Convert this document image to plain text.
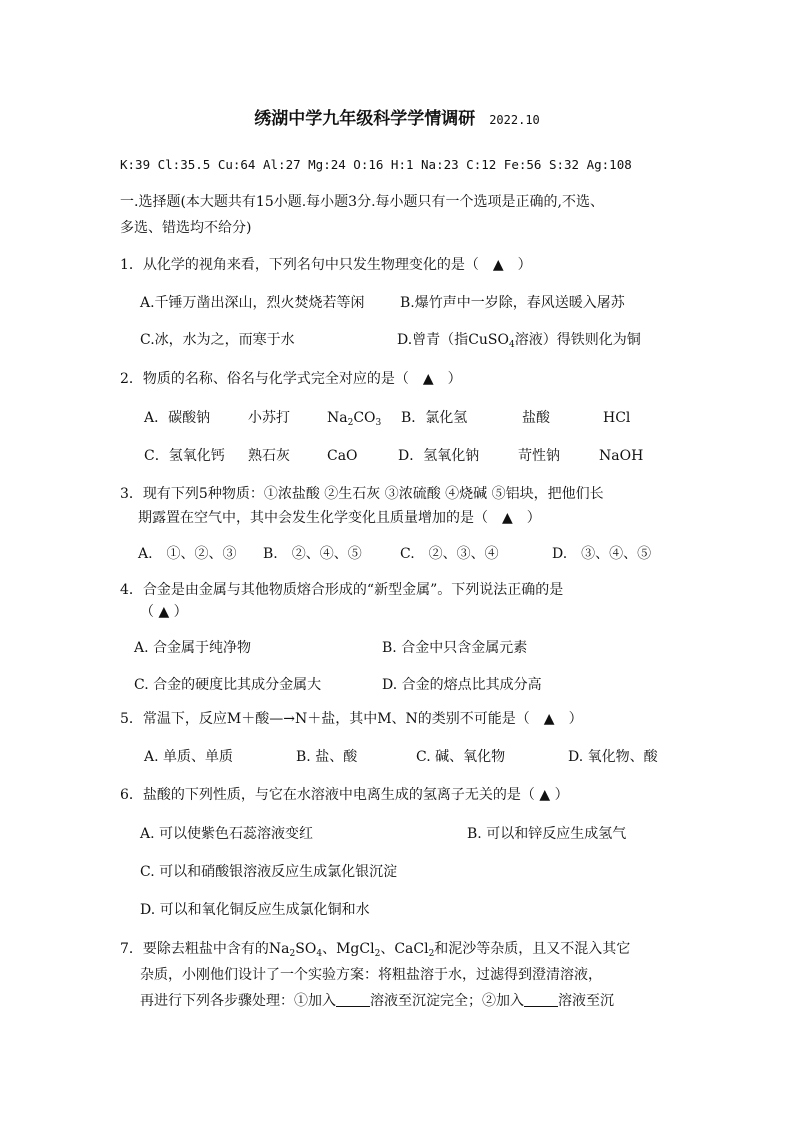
绣湖中学九年级科学学情调研 2022.10
K:39 Cl:35.5 Cu:64 Al:27 Mg:24 O:16 H:1 Na:23 C:12 Fe:56 S:32 Ag:108
一.选择题(本大题共有15小题.每小题3分.每小题只有一个选项是正确的,不选、
多选、错选均不给分)
1．从化学的视角来看，下列名句中只发生物理变化的是（　▲　）
A.千锤万凿出深山，烈火焚烧若等闲	B.爆竹声中一岁除，春风送暖入屠苏
C.冰，水为之，而寒于水	D.曾青（指CuSO$_4$溶液）得铁则化为铜
2．物质的名称、俗名与化学式完全对应的是（　▲　）
A．碳酸钠	小苏打	$Na_2CO_3$ B．氯化氢	盐酸	HCl
C．氢氧化钙 熟石灰	CaO	D．氢氧化钠	苛性钠	NaOH
3．现有下列5种物质：①浓盐酸 ②生石灰 ③浓硫酸 ④烧碱 ⑤铝块，把他们长
期露置在空气中，其中会发生化学变化且质量增加的是（　▲　）
A.　①、②、③ B.　②、④、⑤	C.　②、③、④	D.　③、④、⑤
4．合金是由金属与其他物质熔合形成的“新型金属”。下列说法正确的是
（ ▲ ）
A. 合金属于纯净物	B. 合金中只含金属元素
C. 合金的硬度比其成分金属大	D. 合金的熔点比其成分高
5．常温下，反应M＋酸—→N＋盐，其中M、N的类别不可能是（　▲　）
A. 单质、单质	B. 盐、酸	C. 碱、氧化物	D. 氧化物、酸
6．盐酸的下列性质，与它在水溶液中电离生成的氢离子无关的是（ ▲ ）
A. 可以使紫色石蕊溶液变红	B. 可以和锌反应生成氢气
C. 可以和硝酸银溶液反应生成氯化银沉淀
D. 可以和氧化铜反应生成氯化铜和水
7．要除去粗盐中含有的$Na_2SO_4$、MgCl$_2$、CaCl$_2$和泥沙等杂质，且又不混入其它
杂质，小刚他们设计了一个实验方案：将粗盐溶于水，过滤得到澄清溶液，
再进行下列各步骤处理：①加入 溶液至沉淀完全；②加入 溶液至沉
